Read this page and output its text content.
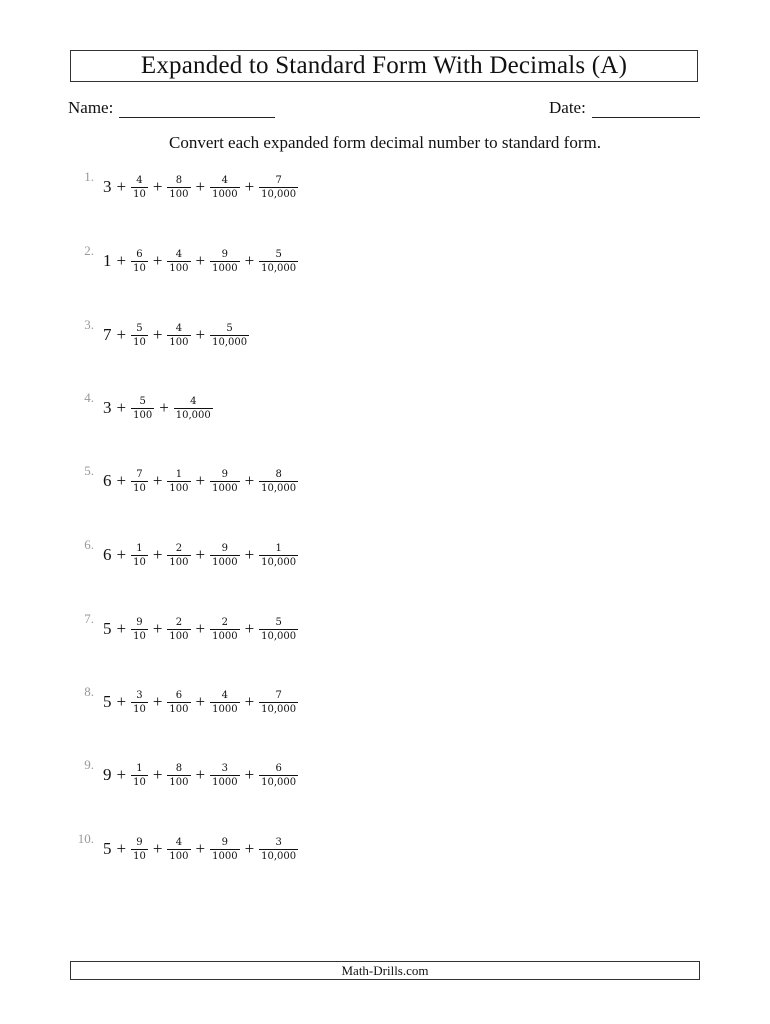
Expanded to Standard Form With Decimals (A)
Name:	Date:
Convert each expanded form decimal number to standard form.
1.
$3 + \frac{4}{10} + \frac{8}{100} + \frac{4}{1000} + \frac{7}{10,000}$
2.
$1 + \frac{6}{10} + \frac{4}{100} + \frac{9}{1000} + \frac{5}{10,000}$
3.
$7 + \frac{5}{10} + \frac{4}{100} + \frac{5}{10,000}$
4.
$3 + \frac{5}{100} + \frac{4}{10,000}$
5.
$6 + \frac{7}{10} + \frac{1}{100} + \frac{9}{1000} + \frac{8}{10,000}$
6.
$6 + \frac{1}{10} + \frac{2}{100} + \frac{9}{1000} + \frac{1}{10,000}$
7.
$5 + \frac{9}{10} + \frac{2}{100} + \frac{2}{1000} + \frac{5}{10,000}$
8.
$5 + \frac{3}{10} + \frac{6}{100} + \frac{4}{1000} + \frac{7}{10,000}$
9.
$9 + \frac{1}{10} + \frac{8}{100} + \frac{3}{1000} + \frac{6}{10,000}$
10.
$5 + \frac{9}{10} + \frac{4}{100} + \frac{9}{1000} + \frac{3}{10,000}$
Math-Drills.com
